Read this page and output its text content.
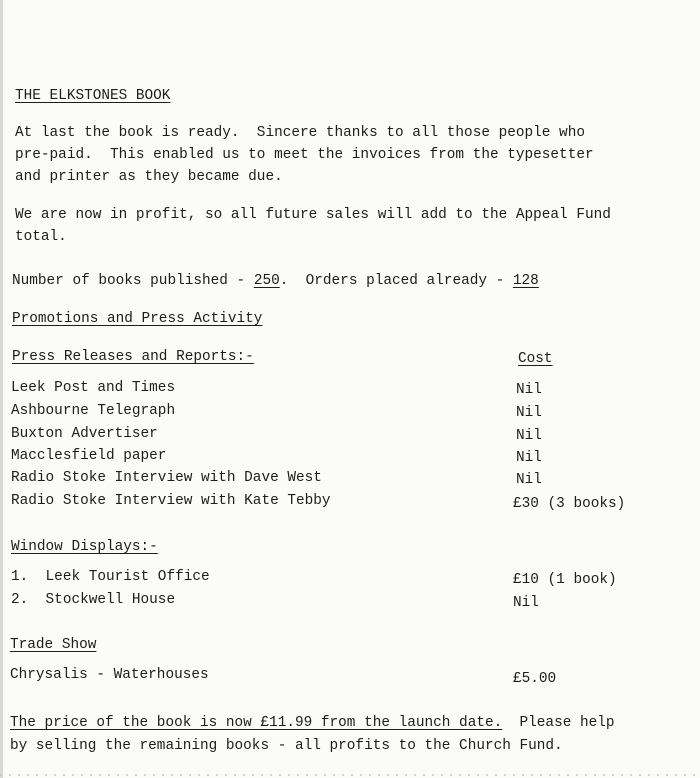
THE ELKSTONES BOOK
At last the book is ready.  Sincere thanks to all those people who
pre-paid.  This enabled us to meet the invoices from the typesetter
and printer as they became due.
We are now in profit, so all future sales will add to the Appeal Fund
total.
Number of books published - 250.  Orders placed already - 128
Promotions and Press Activity
Press Releases and Reports:-	Cost
Leek Post and Times	Nil
Ashbourne Telegraph	Nil
Buxton Advertiser	Nil
Macclesfield paper	Nil
Radio Stoke Interview with Dave West	Nil
Radio Stoke Interview with Kate Tebby	£30 (3 books)
Window Displays:-
1.  Leek Tourist Office	£10 (1 book)
2.  Stockwell House	Nil
Trade Show
Chrysalis - Waterhouses	£5.00
The price of the book is now £11.99 from the launch date.  Please help
by selling the remaining books - all profits to the Church Fund.
